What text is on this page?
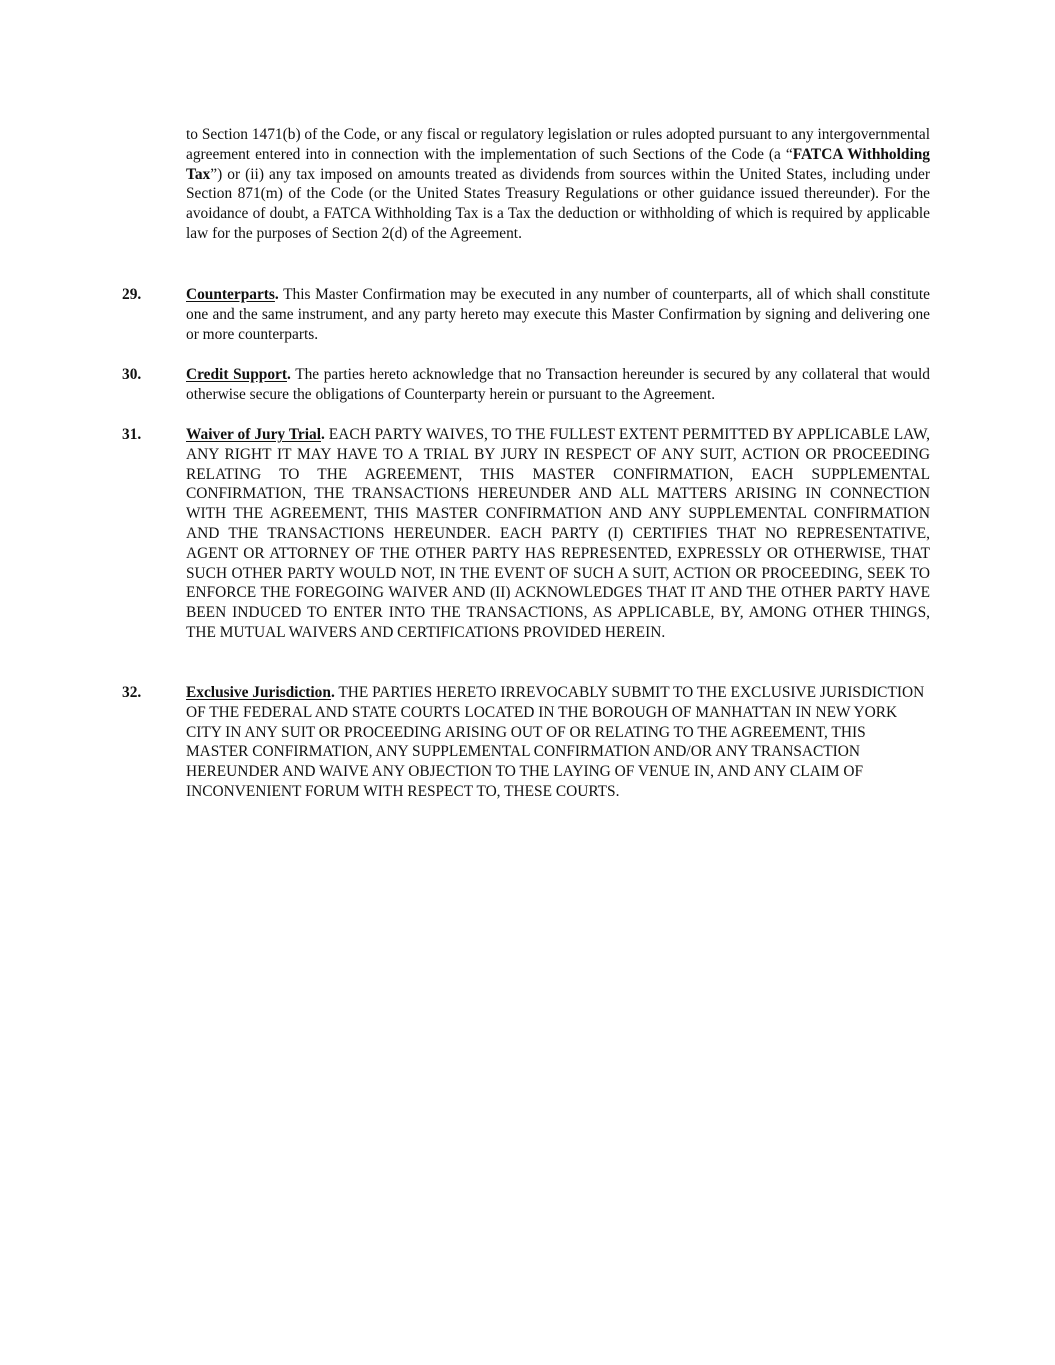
to Section 1471(b) of the Code, or any fiscal or regulatory legislation or rules adopted pursuant to any intergovernmental agreement entered into in connection with the implementation of such Sections of the Code (a “FATCA Withholding Tax”) or (ii) any tax imposed on amounts treated as dividends from sources within the United States, including under Section 871(m) of the Code (or the United States Treasury Regulations or other guidance issued thereunder). For the avoidance of doubt, a FATCA Withholding Tax is a Tax the deduction or withholding of which is required by applicable law for the purposes of Section 2(d) of the Agreement.

29.	Counterparts. This Master Confirmation may be executed in any number of counterparts, all of which shall constitute one and the same instrument, and any party hereto may execute this Master Confirmation by signing and delivering one or more counterparts.

30.	Credit Support. The parties hereto acknowledge that no Transaction hereunder is secured by any collateral that would otherwise secure the obligations of Counterparty herein or pursuant to the Agreement.

31.	Waiver of Jury Trial. EACH PARTY WAIVES, TO THE FULLEST EXTENT PERMITTED BY APPLICABLE LAW, ANY RIGHT IT MAY HAVE TO A TRIAL BY JURY IN RESPECT OF ANY SUIT, ACTION OR PROCEEDING RELATING TO THE AGREEMENT, THIS MASTER CONFIRMATION, EACH SUPPLEMENTAL CONFIRMATION, THE TRANSACTIONS HEREUNDER AND ALL MATTERS ARISING IN CONNECTION WITH THE AGREEMENT, THIS MASTER CONFIRMATION AND ANY SUPPLEMENTAL CONFIRMATION AND THE TRANSACTIONS HEREUNDER. EACH PARTY (I) CERTIFIES THAT NO REPRESENTATIVE, AGENT OR ATTORNEY OF THE OTHER PARTY HAS REPRESENTED, EXPRESSLY OR OTHERWISE, THAT SUCH OTHER PARTY WOULD NOT, IN THE EVENT OF SUCH A SUIT, ACTION OR PROCEEDING, SEEK TO ENFORCE THE FOREGOING WAIVER AND (II) ACKNOWLEDGES THAT IT AND THE OTHER PARTY HAVE BEEN INDUCED TO ENTER INTO THE TRANSACTIONS, AS APPLICABLE, BY, AMONG OTHER THINGS, THE MUTUAL WAIVERS AND CERTIFICATIONS PROVIDED HEREIN.

32.	Exclusive Jurisdiction. THE PARTIES HERETO IRREVOCABLY SUBMIT TO THE EXCLUSIVE JURISDICTION OF THE FEDERAL AND STATE COURTS LOCATED IN THE BOROUGH OF MANHATTAN IN NEW YORK CITY IN ANY SUIT OR PROCEEDING ARISING OUT OF OR RELATING TO THE AGREEMENT, THIS MASTER CONFIRMATION, ANY SUPPLEMENTAL CONFIRMATION AND/OR ANY TRANSACTION HEREUNDER AND WAIVE ANY OBJECTION TO THE LAYING OF VENUE IN, AND ANY CLAIM OF INCONVENIENT FORUM WITH RESPECT TO, THESE COURTS.
